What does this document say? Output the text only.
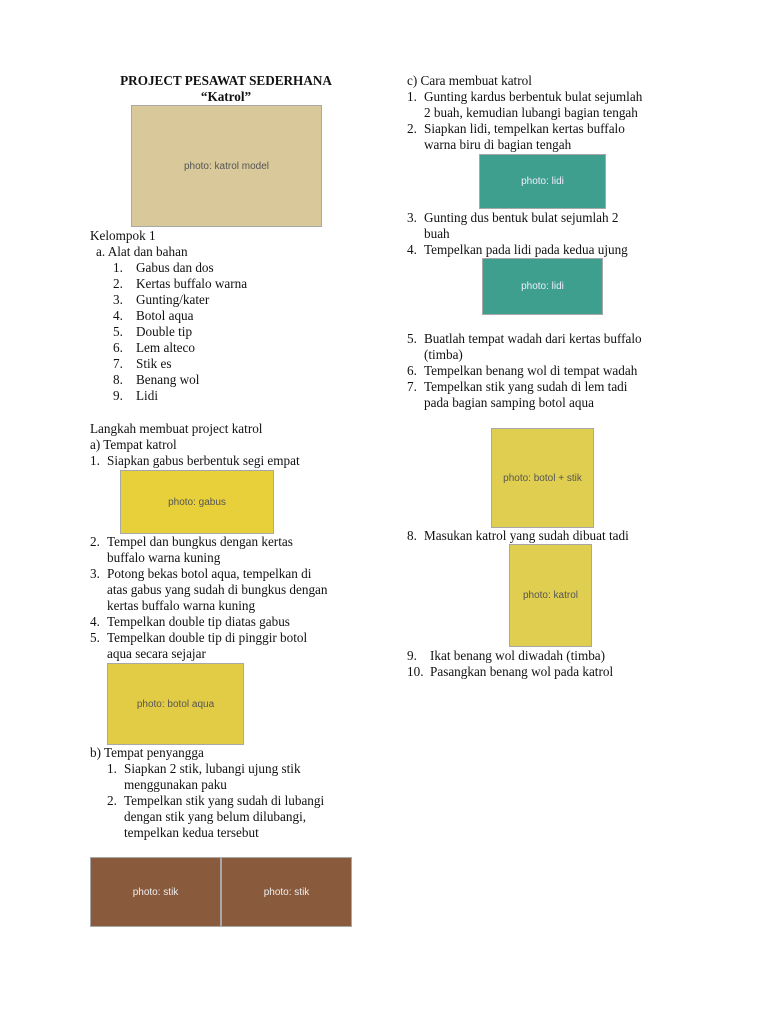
PROJECT PESAWAT SEDERHANA
“Katrol”
photo: katrol model
photo: gabus
photo: botol aqua
photo: stik	photo: stik
photo: lidi
photo: lidi
photo: botol + stik
photo: katrol
Kelompok 1
a. Alat dan bahan
1. Gabus dan dos
2. Kertas buffalo warna
3. Gunting/kater
4. Botol aqua
5. Double tip
6. Lem alteco
7. Stik es
8. Benang wol
9. Lidi
Langkah membuat project katrol
a) Tempat katrol
1. Siapkan gabus berbentuk segi empat
2. Tempel dan bungkus dengan kertas
buffalo warna kuning
3. Potong bekas botol aqua, tempelkan di
atas gabus yang sudah di bungkus dengan
kertas buffalo warna kuning
4. Tempelkan double tip diatas gabus
5. Tempelkan double tip di pinggir botol
aqua secara sejajar
b) Tempat penyangga
1. Siapkan 2 stik, lubangi ujung stik
menggunakan paku
2. Tempelkan stik yang sudah di lubangi
dengan stik yang belum dilubangi,
tempelkan kedua tersebut
c) Cara membuat katrol
1. Gunting kardus berbentuk bulat sejumlah
2 buah, kemudian lubangi bagian tengah
2. Siapkan lidi, tempelkan kertas buffalo
warna biru di bagian tengah
3. Gunting dus bentuk bulat sejumlah 2
buah
4. Tempelkan pada lidi pada kedua ujung
5. Buatlah tempat wadah dari kertas buffalo
(timba)
6. Tempelkan benang wol di tempat wadah
7. Tempelkan stik yang sudah di lem tadi
pada bagian samping botol aqua
8. Masukan katrol yang sudah dibuat tadi
9. Ikat benang wol diwadah (timba)
10. Pasangkan benang wol pada katrol
